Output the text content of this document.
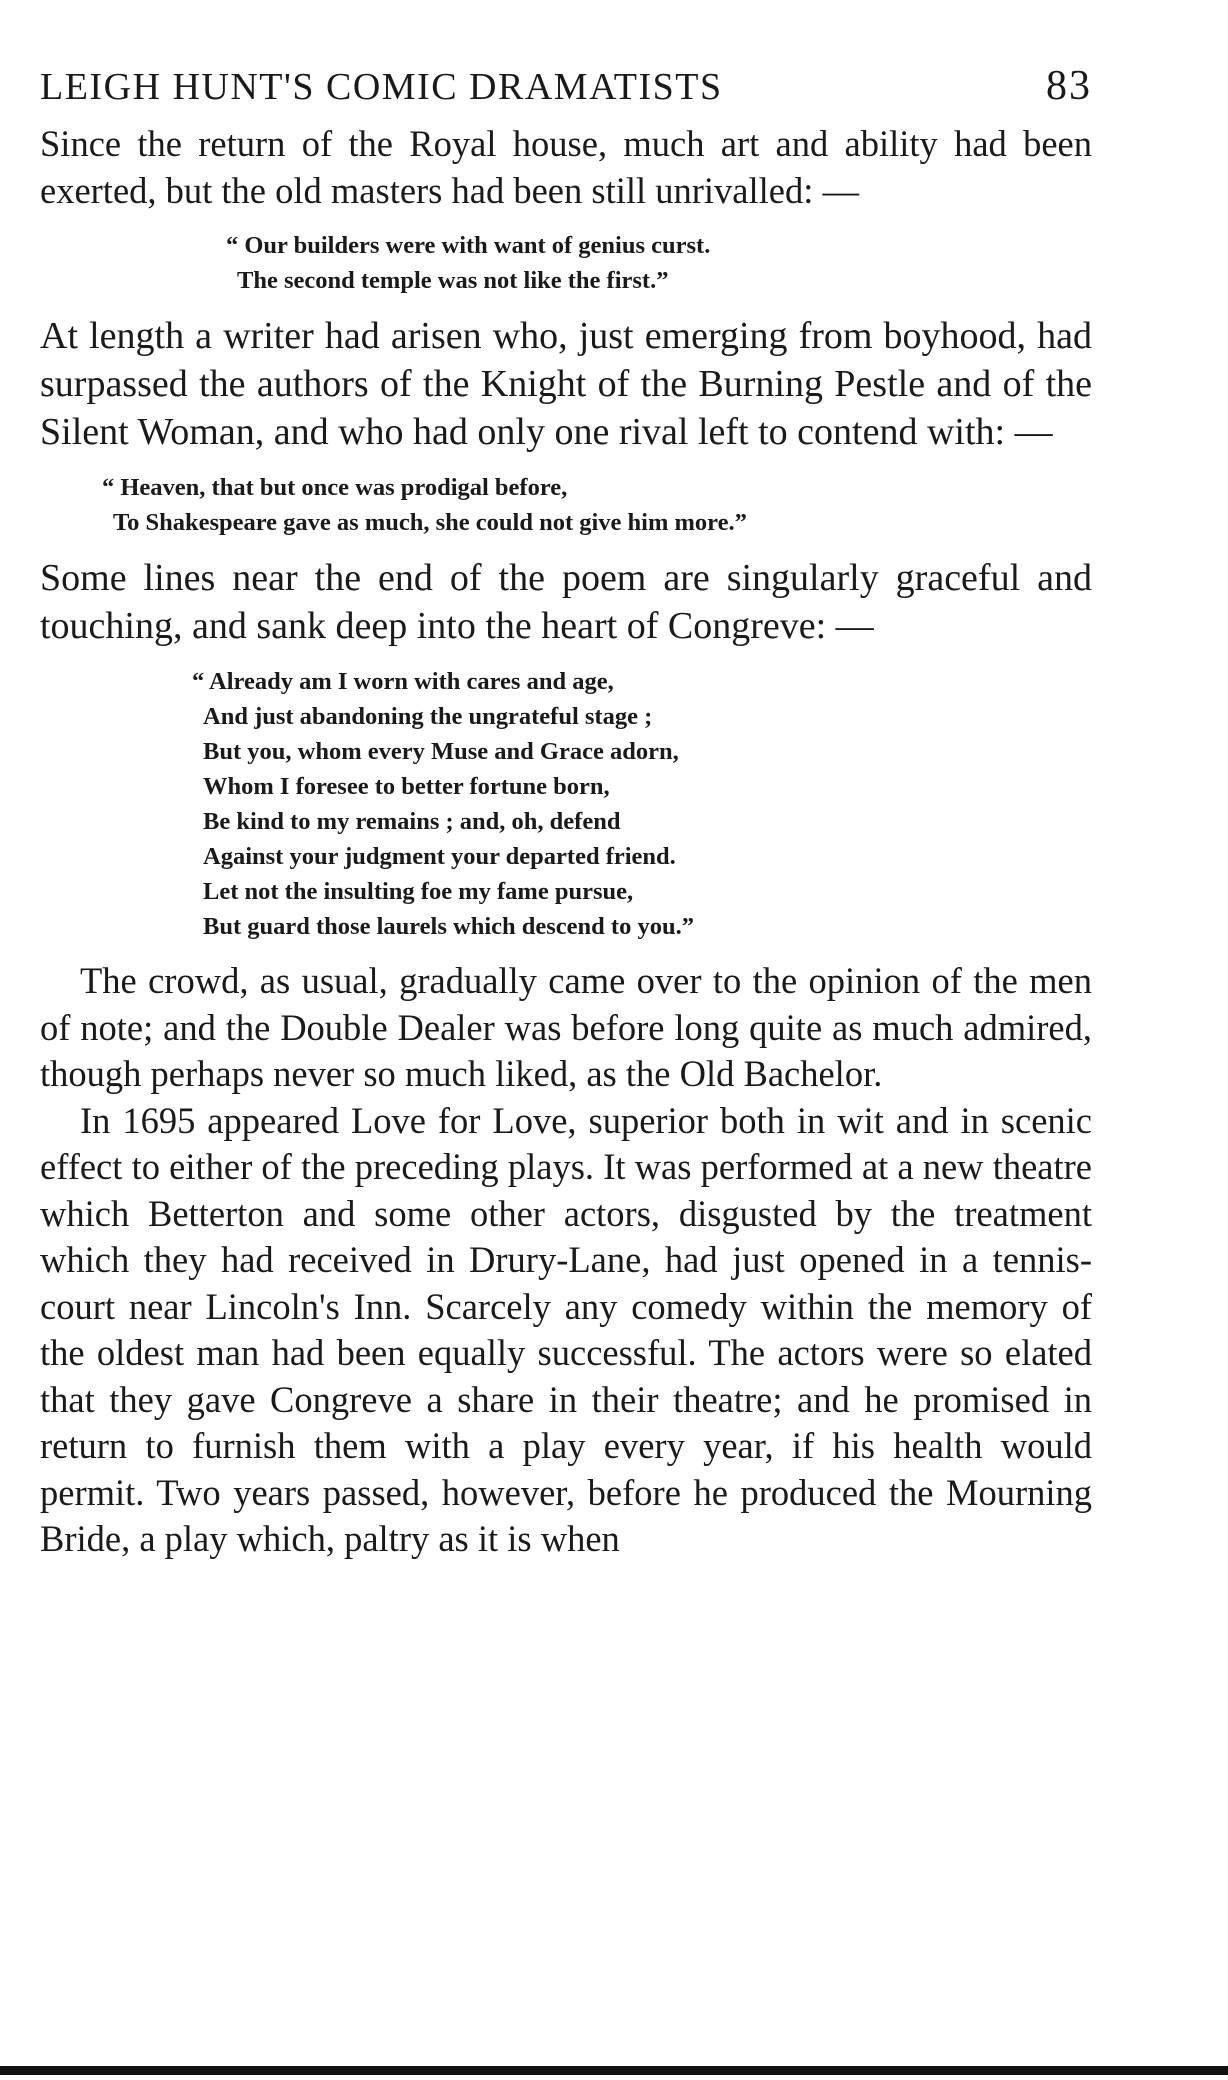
LEIGH HUNT'S COMIC DRAMATISTS	83

Since the return of the Royal house, much art and ability had been exerted, but the old masters had been still unrivalled: —

“ Our builders were with want of genius curst.
The second temple was not like the first.”

At length a writer had arisen who, just emerging from boyhood, had surpassed the authors of the Knight of the Burning Pestle and of the Silent Woman, and who had only one rival left to contend with: —

“ Heaven, that but once was prodigal before,
To Shakespeare gave as much, she could not give him more.”

Some lines near the end of the poem are singularly graceful and touching, and sank deep into the heart of Congreve: —

“ Already am I worn with cares and age,
And just abandoning the ungrateful stage ;
But you, whom every Muse and Grace adorn,
Whom I foresee to better fortune born,
Be kind to my remains ; and, oh, defend
Against your judgment your departed friend.
Let not the insulting foe my fame pursue,
But guard those laurels which descend to you.”

The crowd, as usual, gradually came over to the opinion of the men of note; and the Double Dealer was before long quite as much admired, though perhaps never so much liked, as the Old Bachelor.

In 1695 appeared Love for Love, superior both in wit and in scenic effect to either of the preceding plays. It was performed at a new theatre which Betterton and some other actors, disgusted by the treatment which they had received in Drury-Lane, had just opened in a tennis-court near Lincoln's Inn. Scarcely any comedy within the memory of the oldest man had been equally successful. The actors were so elated that they gave Congreve a share in their theatre; and he promised in return to furnish them with a play every year, if his health would permit. Two years passed, however, before he produced the Mourning Bride, a play which, paltry as it is when
